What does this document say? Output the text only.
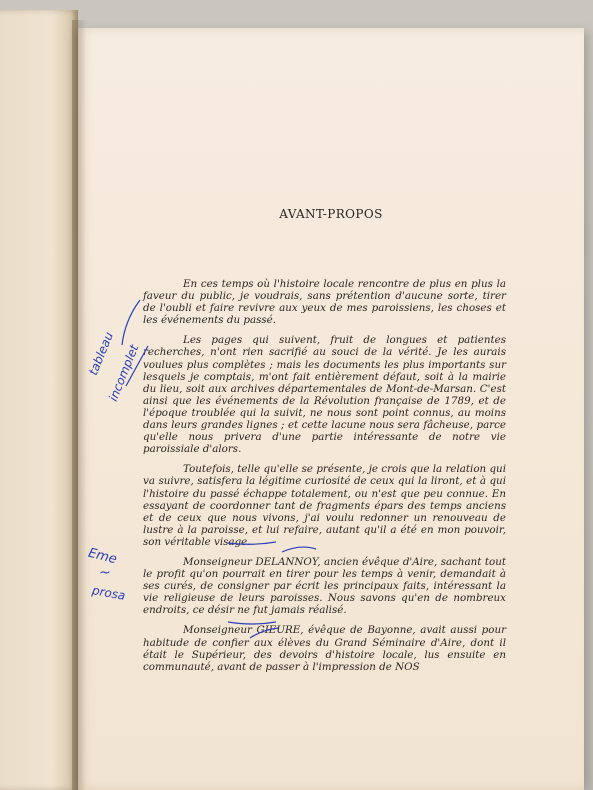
AVANT-PROPOS

En ces temps où l'histoire locale rencontre de plus en plus la faveur du public, je voudrais, sans prétention d'aucune sorte, tirer de l'oubli et faire revivre aux yeux de mes paroissiens, les choses et les événements du passé.

Les pages qui suivent, fruit de longues et patientes recherches, n'ont rien sacrifié au souci de la vérité. Je les aurais voulues plus complètes ; mais les documents les plus importants sur lesquels je comptais, m'ont fait entièrement défaut, soit à la mairie du lieu, soit aux archives départementales de Mont-de-Marsan. C'est ainsi que les événements de la Révolution française de 1789, et de l'époque troublée qui la suivit, ne nous sont point connus, au moins dans leurs grandes lignes ; et cette lacune nous sera fâcheuse, parce qu'elle nous privera d'une partie intéressante de notre vie paroissiale d'alors.

Toutefois, telle qu'elle se présente, je crois que la relation qui va suivre, satisfera la légitime curiosité de ceux qui la liront, et à qui l'histoire du passé échappe totalement, ou n'est que peu connue. En essayant de coordonner tant de fragments épars des temps anciens et de ceux que nous vivons, j'ai voulu redonner un renouveau de lustre à la paroisse, et lui refaire, autant qu'il a été en mon pouvoir, son véritable visage.

Monseigneur DELANNOY, ancien évêque d'Aire, sachant tout le profit qu'on pourrait en tirer pour les temps à venir, demandait à ses curés, de consigner par écrit les principaux faits, intéressant la vie religieuse de leurs paroisses. Nous savons qu'en de nombreux endroits, ce désir ne fut jamais réalisé.

Monseigneur GIEURE, évêque de Bayonne, avait aussi pour habitude de confier aux élèves du Grand Séminaire d'Aire, dont il était le Supérieur, des devoirs d'histoire locale, lus ensuite en communauté, avant de passer à l'impression de NOS

tableau
incomplet
Eme
~
prosa
